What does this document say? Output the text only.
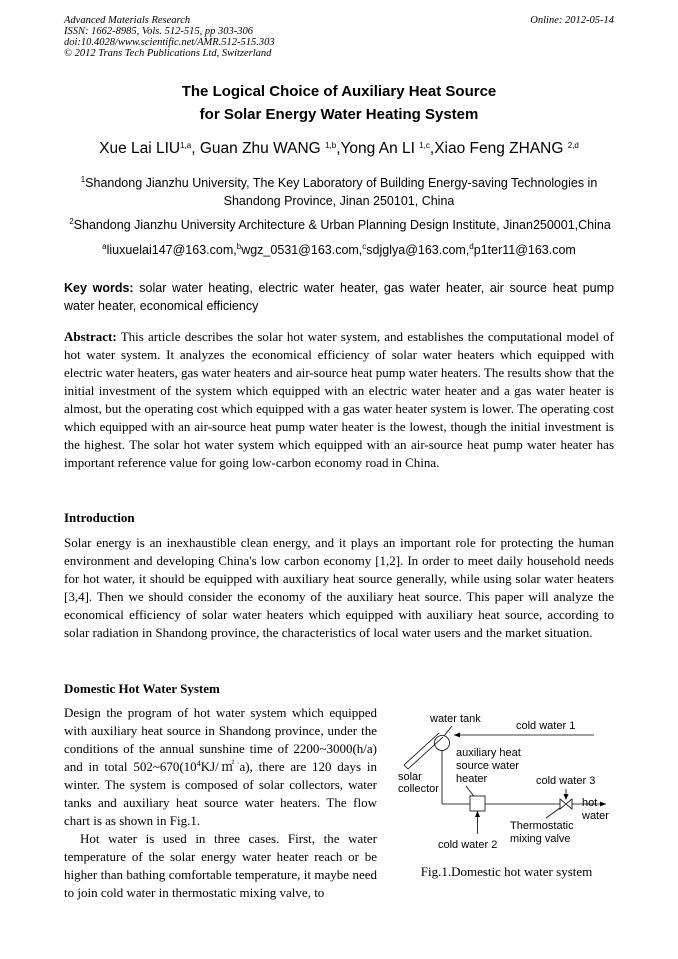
Advanced Materials Research
ISSN: 1662-8985, Vols. 512-515, pp 303-306
doi:10.4028/www.scientific.net/AMR.512-515.303
© 2012 Trans Tech Publications Ltd, Switzerland
Online: 2012-05-14
The Logical Choice of Auxiliary Heat Source
for Solar Energy Water Heating System
Xue Lai LIU$^{1,a}$, Guan Zhu WANG $^{1,b}$,Yong An LI $^{1,c}$,Xiao Feng ZHANG $^{2,d}$
$^1$Shandong Jianzhu University, The Key Laboratory of Building Energy-saving Technologies in
Shandong Province, Jinan 250101, China
$^2$Shandong Jianzhu University Architecture & Urban Planning Design Institute, Jinan250001,China
$^a$liuxuelai147@163.com,$^b$wgz_0531@163.com,$^c$sdjglya@163.com,$^d$p1ter11@163.com
Key words: solar water heating, electric water heater, gas water heater, air source heat pump water heater, economical efficiency
Abstract: This article describes the solar hot water system, and establishes the computational model of hot water system. It analyzes the economical efficiency of solar water heaters which equipped with electric water heaters, gas water heaters and air-source heat pump water heaters. The results show that the initial investment of the system which equipped with an electric water heater and a gas water heater is almost, but the operating cost which equipped with a gas water heater system is lower. The operating cost which equipped with an air-source heat pump water heater is the lowest, though the initial investment is the highest. The solar hot water system which equipped with an air-source heat pump water heater has important reference value for going low-carbon economy road in China.
Introduction
Solar energy is an inexhaustible clean energy, and it plays an important role for protecting the human environment and developing China's low carbon economy [1,2]. In order to meet daily household needs for hot water, it should be equipped with auxiliary heat source generally, while using solar water heaters [3,4]. Then we should consider the economy of the auxiliary heat source. This paper will analyze the economical efficiency of solar water heaters which equipped with auxiliary heat source, according to solar radiation in Shandong province, the characteristics of local water users and the market situation.
Domestic Hot Water System
Design the program of hot water system which equipped with auxiliary heat source in Shandong province, under the conditions of the annual sunshine time of 2200~3000(h/a) and in total $502\sim 670(10^4KJ/㎡^\cdot a)$, there are 120 days in winter. The system is composed of solar collectors, water tanks and auxiliary heat source water heaters. The flow chart is as shown in Fig.1.
Hot water is used in three cases. First, the water temperature of the solar energy water heater reach or be higher than bathing comfortable temperature, it maybe need to join cold water in thermostatic mixing valve, to
water tank
cold water 1
solar
collector
auxiliary heat
source water
heater
cold water 2
cold water 3
Thermostatic
mixing valve
hot
water
Fig.1.Domestic hot water system
